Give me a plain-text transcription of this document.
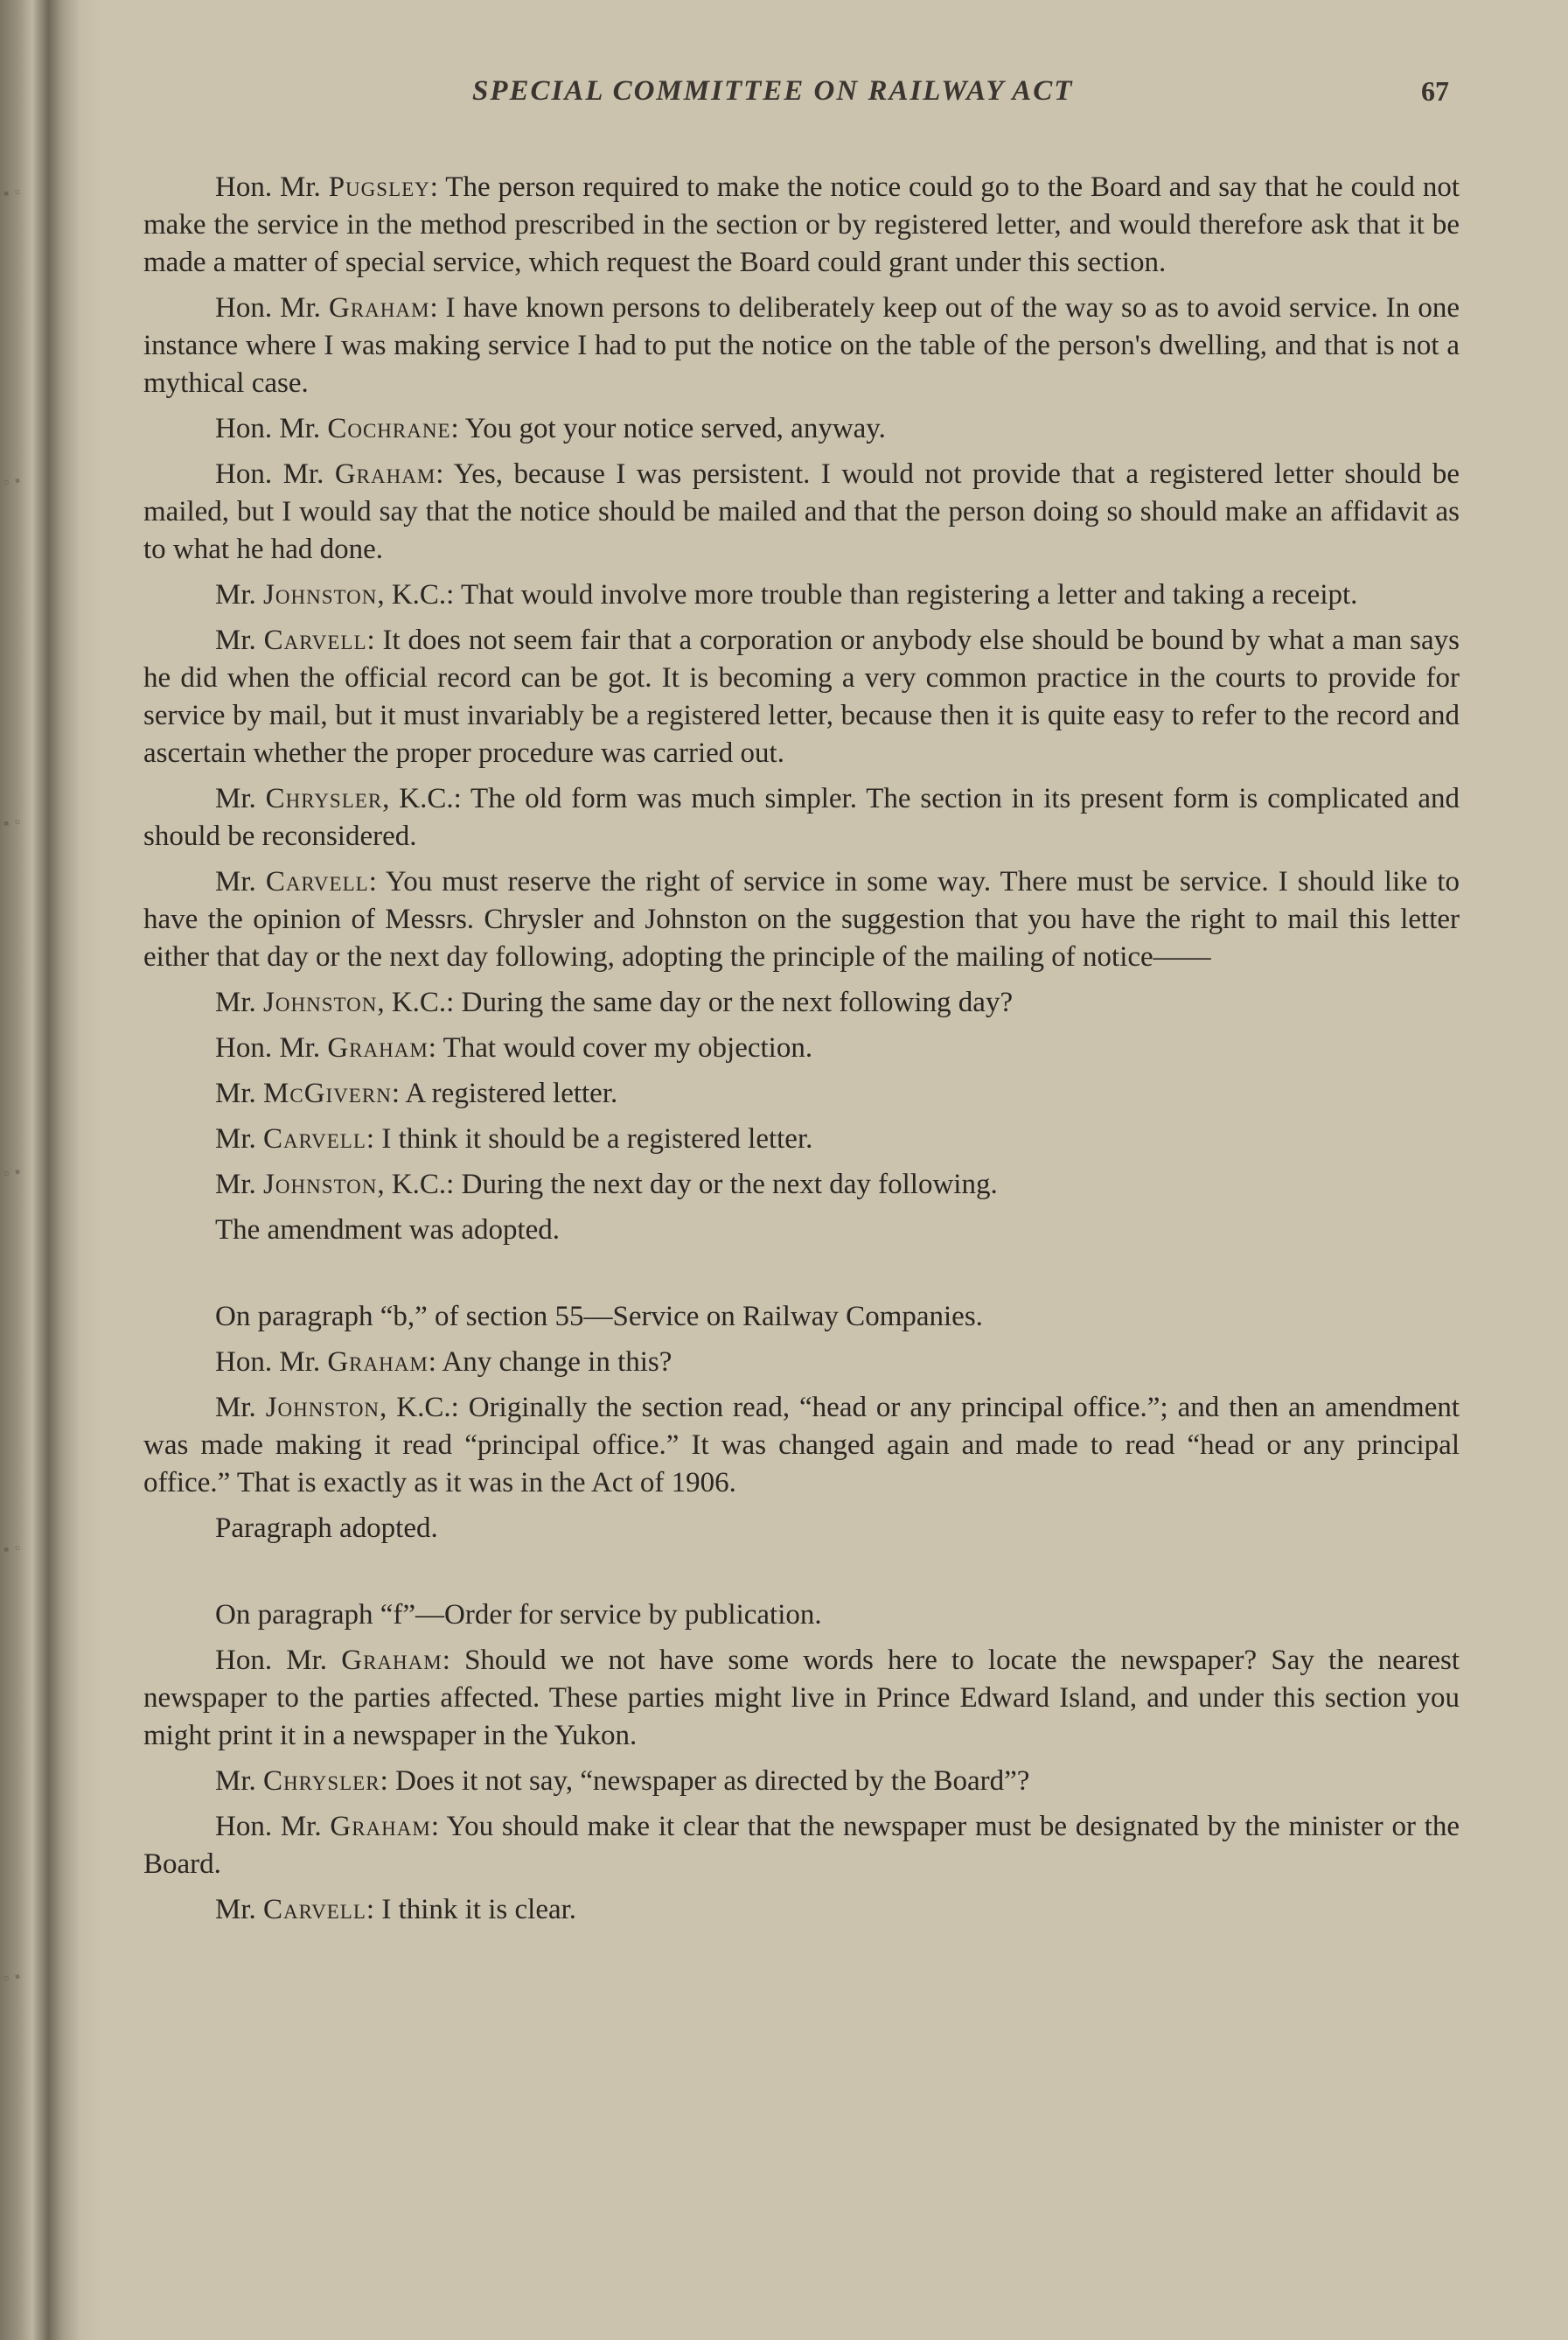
▪ ▫
▫ ▪
▪ ▫
▫ ▪
▪ ▫
▫ ▪
SPECIAL COMMITTEE ON RAILWAY ACT	67

Hon. Mr. Pugsley: The person required to make the notice could go to the Board and say that he could not make the service in the method prescribed in the section or by registered letter, and would therefore ask that it be made a matter of special service, which request the Board could grant under this section.

Hon. Mr. Graham: I have known persons to deliberately keep out of the way so as to avoid service. In one instance where I was making service I had to put the notice on the table of the person's dwelling, and that is not a mythical case.

Hon. Mr. Cochrane: You got your notice served, anyway.

Hon. Mr. Graham: Yes, because I was persistent. I would not provide that a registered letter should be mailed, but I would say that the notice should be mailed and that the person doing so should make an affidavit as to what he had done.

Mr. Johnston, K.C.: That would involve more trouble than registering a letter and taking a receipt.

Mr. Carvell: It does not seem fair that a corporation or anybody else should be bound by what a man says he did when the official record can be got. It is becoming a very common practice in the courts to provide for service by mail, but it must invariably be a registered letter, because then it is quite easy to refer to the record and ascertain whether the proper procedure was carried out.

Mr. Chrysler, K.C.: The old form was much simpler. The section in its present form is complicated and should be reconsidered.

Mr. Carvell: You must reserve the right of service in some way. There must be service. I should like to have the opinion of Messrs. Chrysler and Johnston on the suggestion that you have the right to mail this letter either that day or the next day following, adopting the principle of the mailing of notice——

Mr. Johnston, K.C.: During the same day or the next following day?

Hon. Mr. Graham: That would cover my objection.

Mr. McGivern: A registered letter.

Mr. Carvell: I think it should be a registered letter.

Mr. Johnston, K.C.: During the next day or the next day following.

The amendment was adopted.

On paragraph “b,” of section 55—Service on Railway Companies.

Hon. Mr. Graham: Any change in this?

Mr. Johnston, K.C.: Originally the section read, “head or any principal office.”; and then an amendment was made making it read “principal office.” It was changed again and made to read “head or any principal office.” That is exactly as it was in the Act of 1906.

Paragraph adopted.

On paragraph “f”—Order for service by publication.

Hon. Mr. Graham: Should we not have some words here to locate the newspaper? Say the nearest newspaper to the parties affected. These parties might live in Prince Edward Island, and under this section you might print it in a newspaper in the Yukon.

Mr. Chrysler: Does it not say, “newspaper as directed by the Board”?

Hon. Mr. Graham: You should make it clear that the newspaper must be designated by the minister or the Board.

Mr. Carvell: I think it is clear.
